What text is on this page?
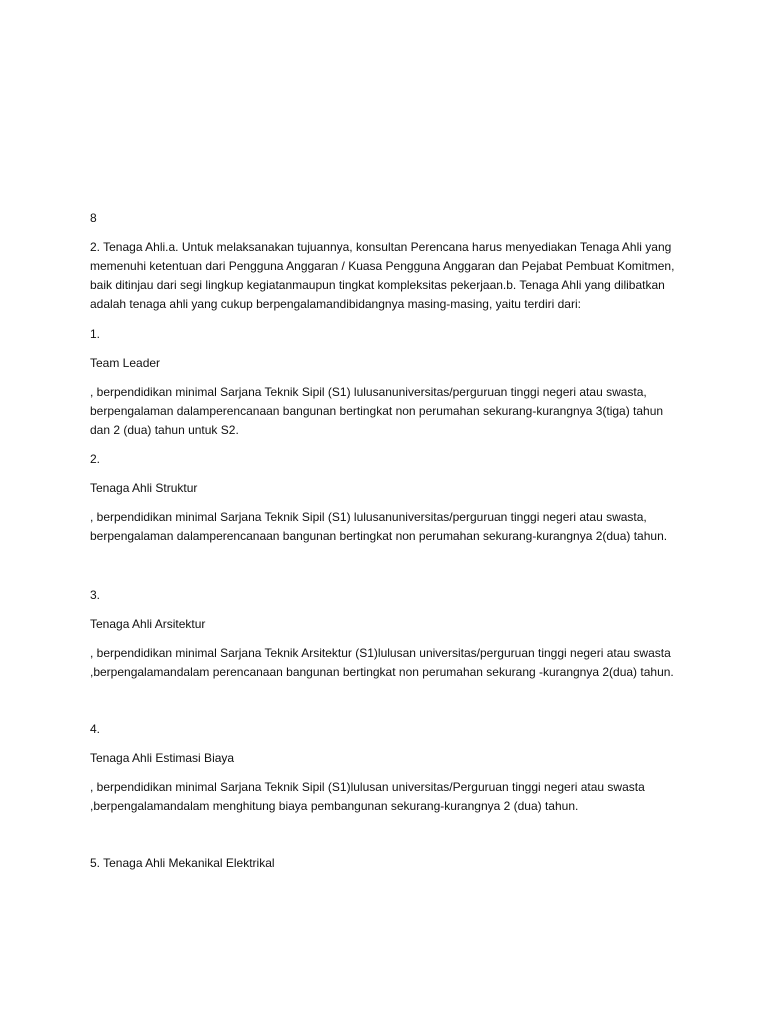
8

2. Tenaga Ahli.a. Untuk melaksanakan tujuannya, konsultan Perencana harus menyediakan Tenaga Ahli yang memenuhi ketentuan dari Pengguna Anggaran / Kuasa Pengguna Anggaran dan Pejabat Pembuat Komitmen, baik ditinjau dari segi lingkup kegiatanmaupun tingkat kompleksitas pekerjaan.b. Tenaga Ahli yang dilibatkan adalah tenaga ahli yang cukup berpengalamandibidangnya masing-masing, yaitu terdiri dari:

1.

Team Leader

, berpendidikan minimal Sarjana Teknik Sipil (S1) lulusanuniversitas/perguruan tinggi negeri atau swasta, berpengalaman dalamperencanaan bangunan bertingkat non perumahan sekurang-kurangnya 3(tiga) tahun dan 2 (dua) tahun untuk S2.

2.

Tenaga Ahli Struktur

, berpendidikan minimal Sarjana Teknik Sipil (S1) lulusanuniversitas/perguruan tinggi negeri atau swasta, berpengalaman dalamperencanaan bangunan bertingkat non perumahan sekurang-kurangnya 2(dua) tahun.

3.

Tenaga Ahli Arsitektur

, berpendidikan minimal Sarjana Teknik Arsitektur (S1)lulusan universitas/perguruan tinggi negeri atau swasta ,berpengalamandalam perencanaan bangunan bertingkat non perumahan sekurang -kurangnya 2(dua) tahun.

4.

Tenaga Ahli Estimasi Biaya

, berpendidikan minimal Sarjana Teknik Sipil (S1)lulusan universitas/Perguruan tinggi negeri atau swasta ,berpengalamandalam menghitung biaya pembangunan sekurang-kurangnya 2 (dua) tahun.

5. Tenaga Ahli Mekanikal Elektrikal
